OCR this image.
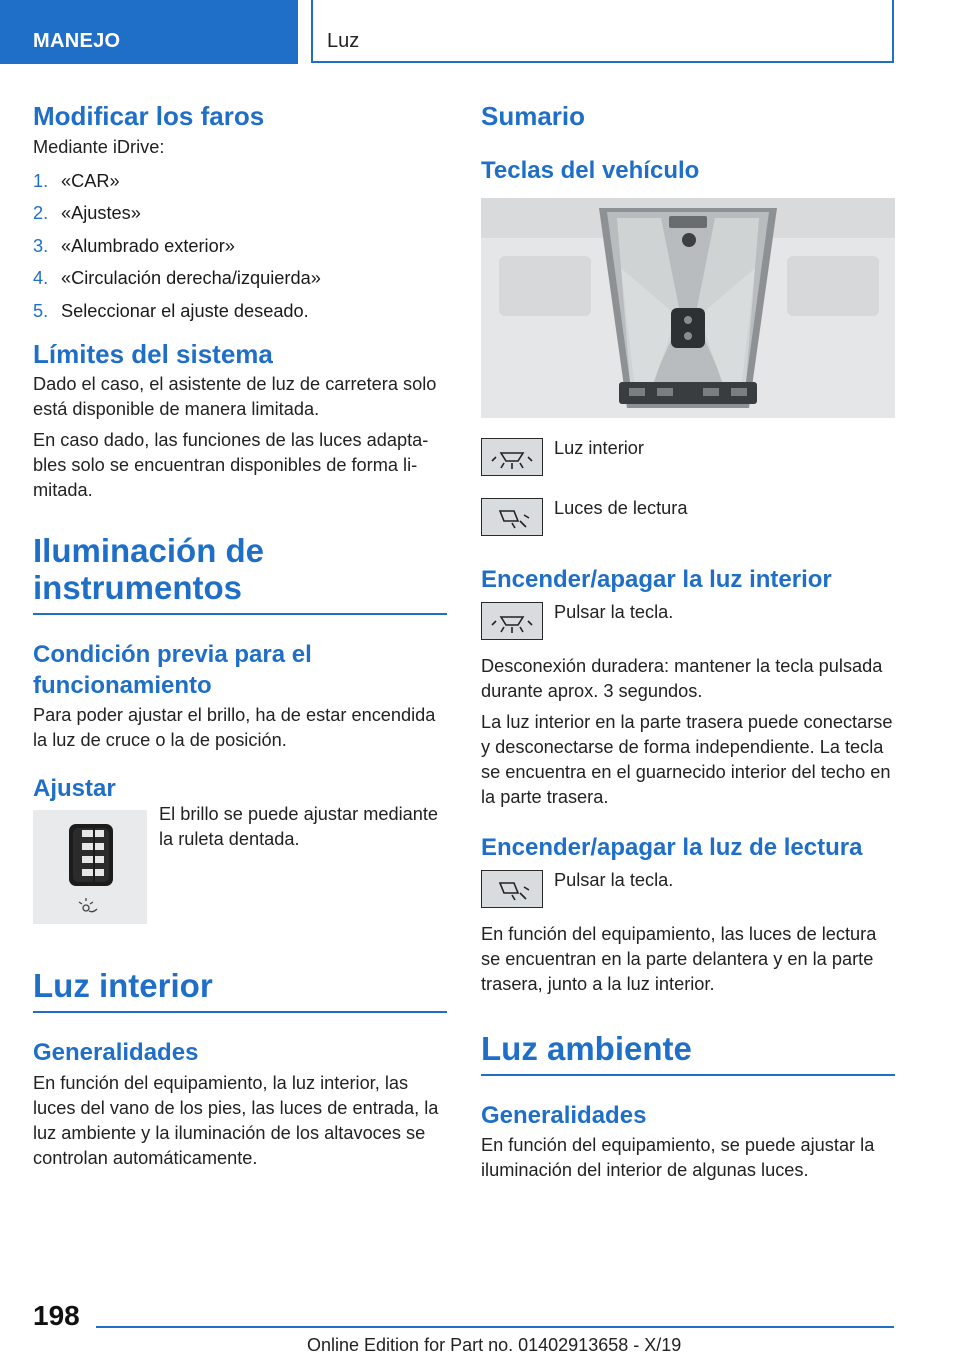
MANEJO	Luz
Modificar los faros

Mediante iDrive:

1. «CAR»
2. «Ajustes»
3. «Alumbrado exterior»
4. «Circulación derecha/izquierda»
5. Seleccionar el ajuste deseado.
Límites del sistema

Dado el caso, el asistente de luz de carretera solo está disponible de manera limitada.

En caso dado, las funciones de las luces adaptables solo se encuentran disponibles de forma limitada.

Iluminación de instrumentos
Condición previa para el funcionamiento

Para poder ajustar el brillo, ha de estar encendida la luz de cruce o la de posición.

Ajustar

El brillo se puede ajustar mediante la ruleta dentada.

Luz interior
Generalidades

En función del equipamiento, la luz interior, las luces del vano de los pies, las luces de entrada, la luz ambiente y la iluminación de los altavoces se controlan automáticamente.

Sumario
Teclas del vehículo

Luz interior

Luces de lectura

Encender/apagar la luz interior

Pulsar la tecla.

Desconexión duradera: mantener la tecla pulsada durante aprox. 3 segundos.

La luz interior en la parte trasera puede conectarse y desconectarse de forma independiente. La tecla se encuentra en el guarnecido interior del techo en la parte trasera.

Encender/apagar la luz de lectura

Pulsar la tecla.

En función del equipamiento, las luces de lectura se encuentran en la parte delantera y en la parte trasera, junto a la luz interior.

Luz ambiente
Generalidades

En función del equipamiento, se puede ajustar la iluminación del interior de algunas luces.

198
Online Edition for Part no. 01402913658 - X/19
